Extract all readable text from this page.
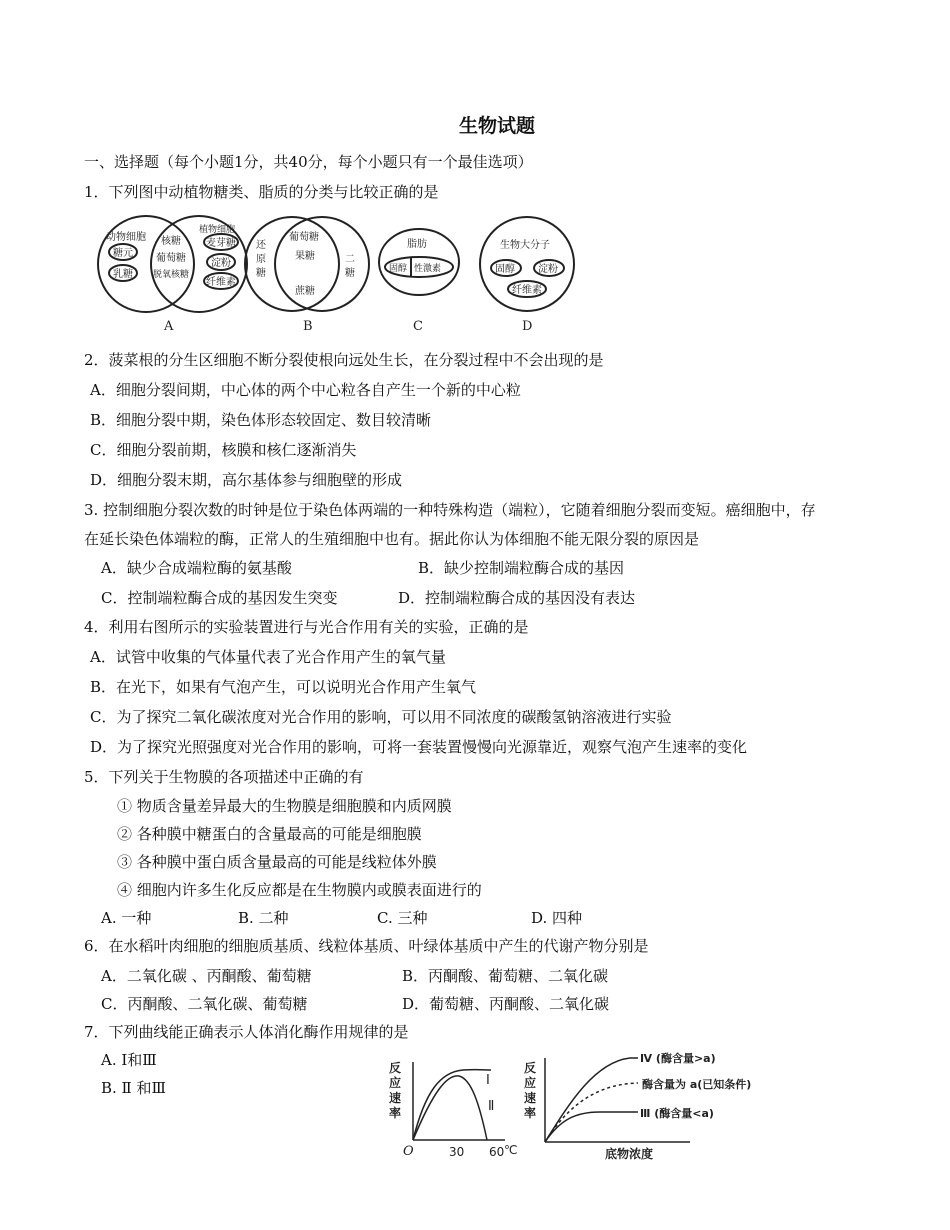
生物试题
一、选择题（每个小题1分，共40分，每个小题只有一个最佳选项）
1．下列图中动植物糖类、脂质的分类与比较正确的是
动物细胞
糖元
乳糖
核糖
葡萄糖
脱氧核糖
植物细胞
麦芽糖
淀粉
纤维素
A
还
原
糖
葡萄糖
果糖
蔗糖
二
糖
B
脂肪
固醇 性激素
C
生物大分子
固醇 淀粉
纤维素
D
2．菠菜根的分生区细胞不断分裂使根向远处生长，在分裂过程中不会出现的是
A．细胞分裂间期，中心体的两个中心粒各自产生一个新的中心粒
B．细胞分裂中期，染色体形态较固定、数目较清晰
C．细胞分裂前期，核膜和核仁逐渐消失
D．细胞分裂末期，高尔基体参与细胞壁的形成
3. 控制细胞分裂次数的时钟是位于染色体两端的一种特殊构造（端粒），它随着细胞分裂而变短。癌细胞中，存
在延长染色体端粒的酶，正常人的生殖细胞中也有。据此你认为体细胞不能无限分裂的原因是
A．缺少合成端粒酶的氨基酸	B．缺少控制端粒酶合成的基因
C．控制端粒酶合成的基因发生突变	D．控制端粒酶合成的基因没有表达
4．利用右图所示的实验装置进行与光合作用有关的实验，正确的是
A．试管中收集的气体量代表了光合作用产生的氧气量
B．在光下，如果有气泡产生，可以说明光合作用产生氧气
C．为了探究二氧化碳浓度对光合作用的影响，可以用不同浓度的碳酸氢钠溶液进行实验
D．为了探究光照强度对光合作用的影响，可将一套装置慢慢向光源靠近，观察气泡产生速率的变化
5．下列关于生物膜的各项描述中正确的有
① 物质含量差异最大的生物膜是细胞膜和内质网膜
② 各种膜中糖蛋白的含量最高的可能是细胞膜
③ 各种膜中蛋白质含量最高的可能是线粒体外膜
④ 细胞内许多生化反应都是在生物膜内或膜表面进行的
A. 一种	B. 二种	C. 三种	D. 四种
6．在水稻叶肉细胞的细胞质基质、线粒体基质、叶绿体基质中产生的代谢产物分别是
A．二氧化碳 、丙酮酸、葡萄糖	B．丙酮酸、葡萄糖、二氧化碳
C．丙酮酸、二氧化碳、葡萄糖	D．葡萄糖、丙酮酸、二氧化碳
7．下列曲线能正确表示人体消化酶作用规律的是
A. Ⅰ和Ⅲ
B. Ⅱ 和Ⅲ
反
应
速
率
Ⅰ
Ⅱ
O	30 60 ℃
反
应
速
率
Ⅳ (酶含量>a)
酶含量为 a(已知条件)
Ⅲ (酶含量<a)
底物浓度
